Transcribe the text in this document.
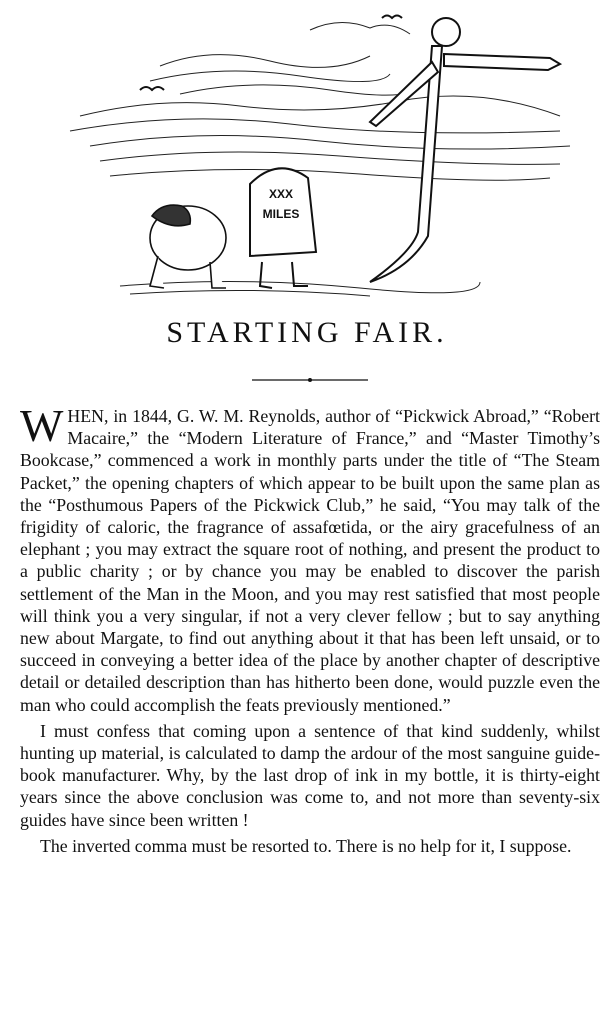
XXX
MILES
STARTING FAIR.

WHEN, in 1844, G. W. M. Reynolds, author of “Pickwick Abroad,” “Robert Macaire,” the “Modern Literature of France,” and “Master Timothy’s Bookcase,” commenced a work in monthly parts under the title of “The Steam Packet,” the opening chapters of which appear to be built upon the same plan as the “Posthumous Papers of the Pickwick Club,” he said, “You may talk of the frigidity of caloric, the fragrance of assafœtida, or the airy gracefulness of an elephant ; you may extract the square root of nothing, and present the product to a public charity ; or by chance you may be enabled to discover the parish settlement of the Man in the Moon, and you may rest satisfied that most people will think you a very singular, if not a very clever fellow ; but to say anything new about Margate, to find out anything about it that has been left unsaid, or to succeed in conveying a better idea of the place by another chapter of descriptive detail or detailed description than has hitherto been done, would puzzle even the man who could accomplish the feats previously mentioned.”

I must confess that coming upon a sentence of that kind suddenly, whilst hunting up material, is calculated to damp the ardour of the most sanguine guide-book manufacturer. Why, by the last drop of ink in my bottle, it is thirty-eight years since the above conclusion was come to, and not more than seventy-six guides have since been written !

The inverted comma must be resorted to. There is no help for it, I suppose.
